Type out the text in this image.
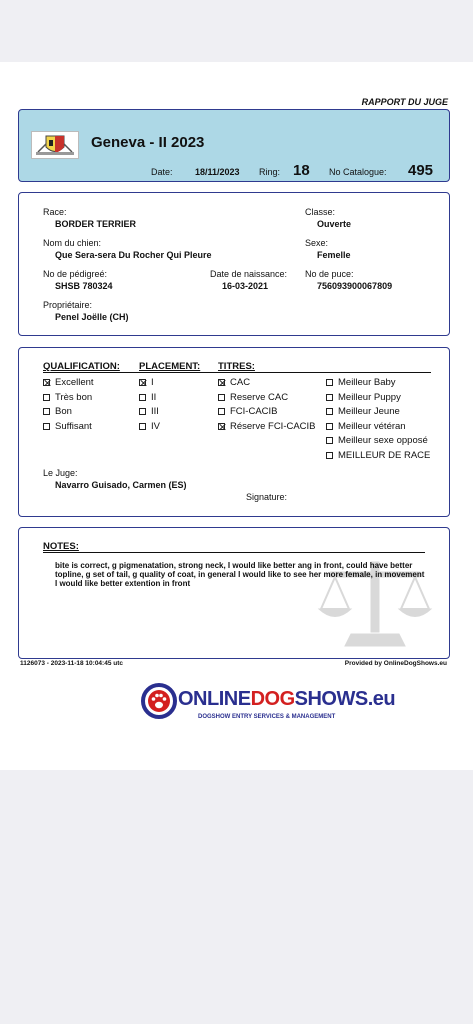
RAPPORT DU JUGE
Geneva - II 2023
Date: 18/11/2023 Ring: 18 No Catalogue: 495
Race:
BORDER TERRIER
Classe:
Ouverte
Nom du chien:
Que Sera-sera Du Rocher Qui Pleure
Sexe:
Femelle
No de pédigreé:
SHSB 780324
Date de naissance:
16-03-2021
No de puce:
756093900067809
Propriétaire:
Penel Joëlle (CH)
QUALIFICATION: PLACEMENT: TITRES:
Le Juge:
Navarro Guisado, Carmen (ES)
Signature:
Excellent
Très bon
Bon
Suffisant
I
II
III
IV
CAC
Reserve CAC
FCI-CACIB
Réserve FCI-CACIB
Meilleur Baby
Meilleur Puppy
Meilleur Jeune
Meilleur vétéran
Meilleur sexe opposé
MEILLEUR DE RACE
NOTES:
bite is correct, g pigmenatation, strong neck, I would like better ang in front, could have better topline, g set of tail, g quality of coat, in general I would like to see her more female, in movement I would like better extention in front
1126073 - 2023-11-18 10:04:45 utc	Provided by OnlineDogShows.eu
ONLINEDOGSHOWS.eu
DOGSHOW ENTRY SERVICES & MANAGEMENT
